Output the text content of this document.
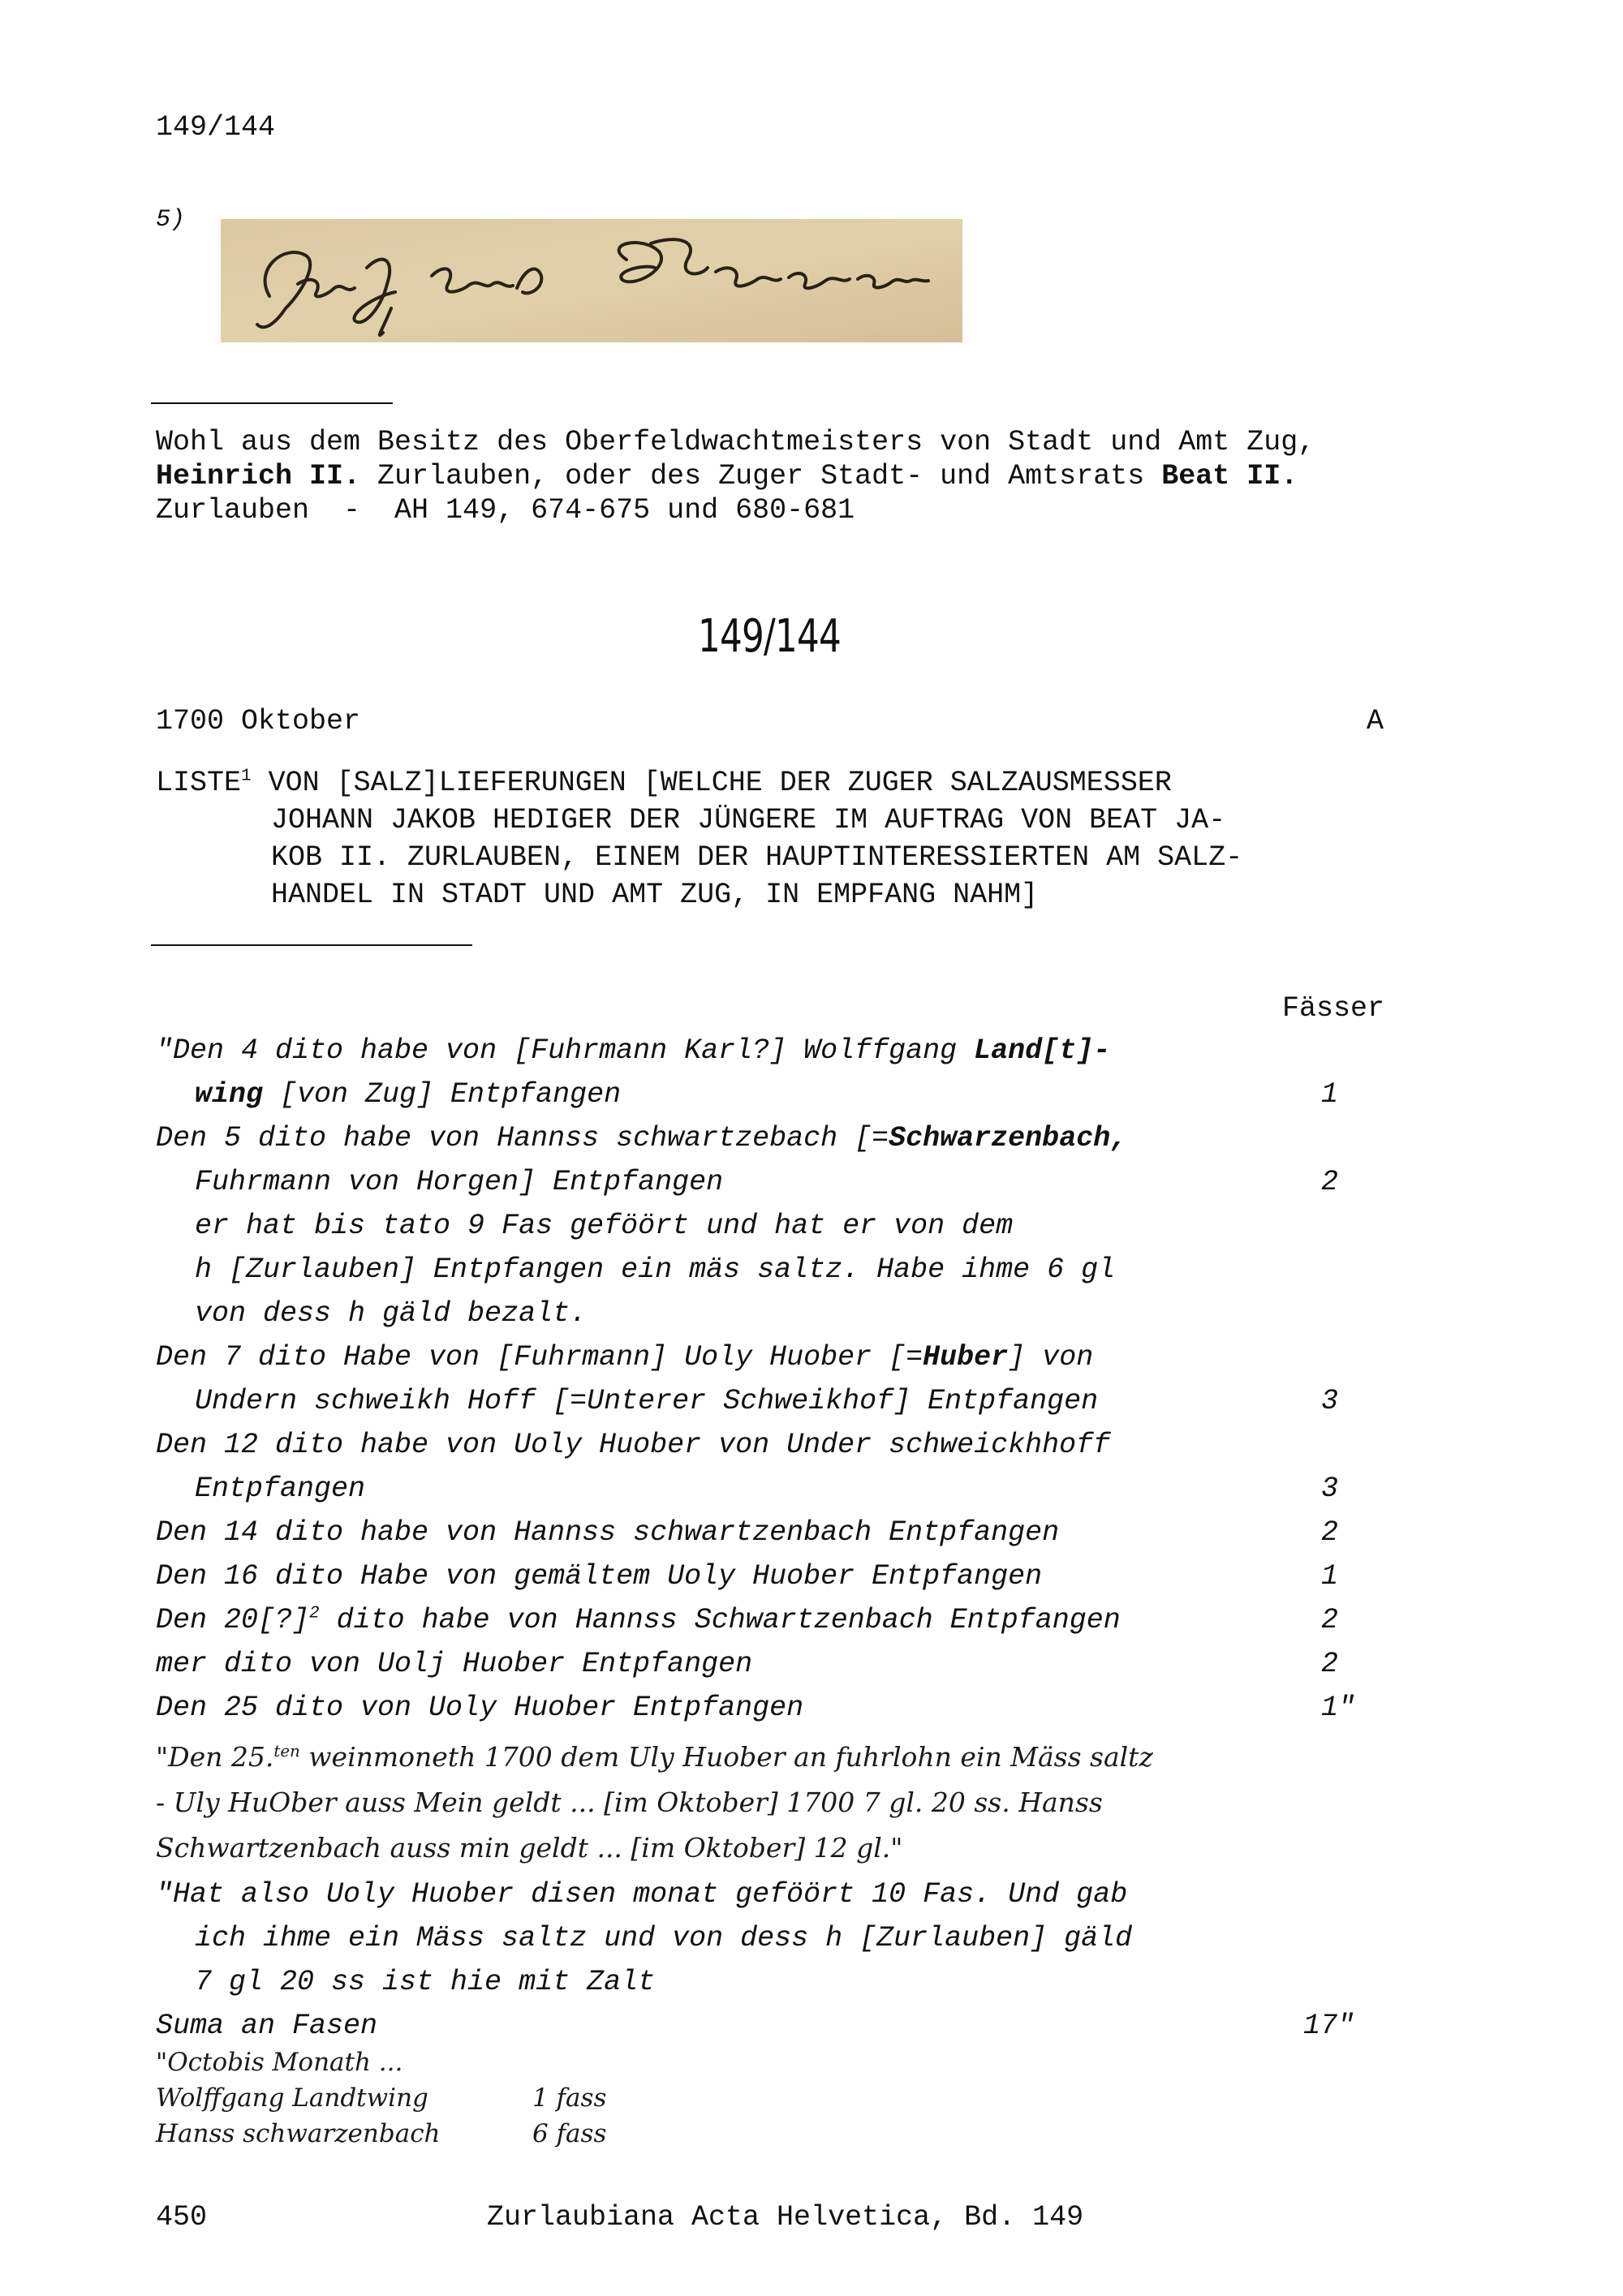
149/144
5)
Wohl aus dem Besitz des Oberfeldwachtmeisters von Stadt und Amt Zug,
Heinrich II. Zurlauben, oder des Zuger Stadt- und Amtsrats Beat II.
Zurlauben  -  AH 149, 674-675 und 680-681
149/144
1700 Oktober	A
LISTE$^1$ VON [SALZ]LIEFERUNGEN [WELCHE DER ZUGER SALZAUSMESSER
JOHANN JAKOB HEDIGER DER JÜNGERE IM AUFTRAG VON BEAT JA-
KOB II. ZURLAUBEN, EINEM DER HAUPTINTERESSIERTEN AM SALZ-
HANDEL IN STADT UND AMT ZUG, IN EMPFANG NAHM]
Fässer
"Den 4 dito habe von [Fuhrmann Karl?] Wolffgang Land[t]-
wing [von Zug] Entpfangen	1
Den 5 dito habe von Hannss schwartzebach [=Schwarzenbach,
Fuhrmann von Horgen] Entpfangen	2
er hat bis tato 9 Fas geföört und hat er von dem
h [Zurlauben] Entpfangen ein mäs saltz. Habe ihme 6 gl
von dess h gäld bezalt.
Den 7 dito Habe von [Fuhrmann] Uoly Huober [=Huber] von
Undern schweikh Hoff [=Unterer Schweikhof] Entpfangen	3
Den 12 dito habe von Uoly Huober von Under schweickhhoff
Entpfangen	3
Den 14 dito habe von Hannss schwartzenbach Entpfangen	2
Den 16 dito Habe von gemältem Uoly Huober Entpfangen	1
Den 20[?]$^2$ dito habe von Hannss Schwartzenbach Entpfangen	2
mer dito von Uolj Huober Entpfangen	2
Den 25 dito von Uoly Huober Entpfangen	1"
"Den 25.$^{ten}$ weinmoneth 1700 dem Uly Huober an fuhrlohn ein Mäss saltz
- Uly HuOber auss Mein geldt ... [im Oktober] 1700 7 gl. 20 ss. Hanss
Schwartzenbach auss min geldt ... [im Oktober] 12 gl."
"Hat also Uoly Huober disen monat geföört 10 Fas. Und gab
ich ihme ein Mäss saltz und von dess h [Zurlauben] gäld
7 gl 20 ss ist hie mit Zalt
Suma an Fasen	17"
"Octobis Monath ...
Wolffgang Landtwing	1 fass
Hanss schwarzenbach	6 fass
450	Zurlaubiana Acta Helvetica, Bd. 149
